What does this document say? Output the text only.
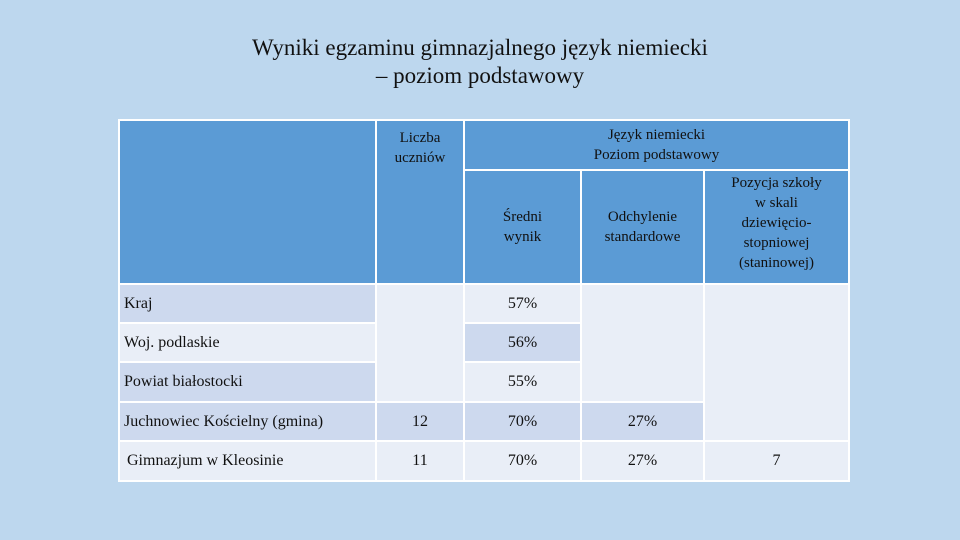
Wyniki egzaminu gimnazjalnego język niemiecki
– poziom podstawowy

	Liczba uczniów	Język niemiecki
Poziom podstawowy		

		Średni wynik	Odchylenie standardowe	Pozycja szkoły w skali dziewięcio-stopniowej (staninowej)

Kraj		57%		
Woj. podlaskie		56%		
Powiat białostocki		55%		
Juchnowiec Kościelny (gmina)	12	70%	27%	
Gimnazjum w Kleosinie	11	70%	27%	7
